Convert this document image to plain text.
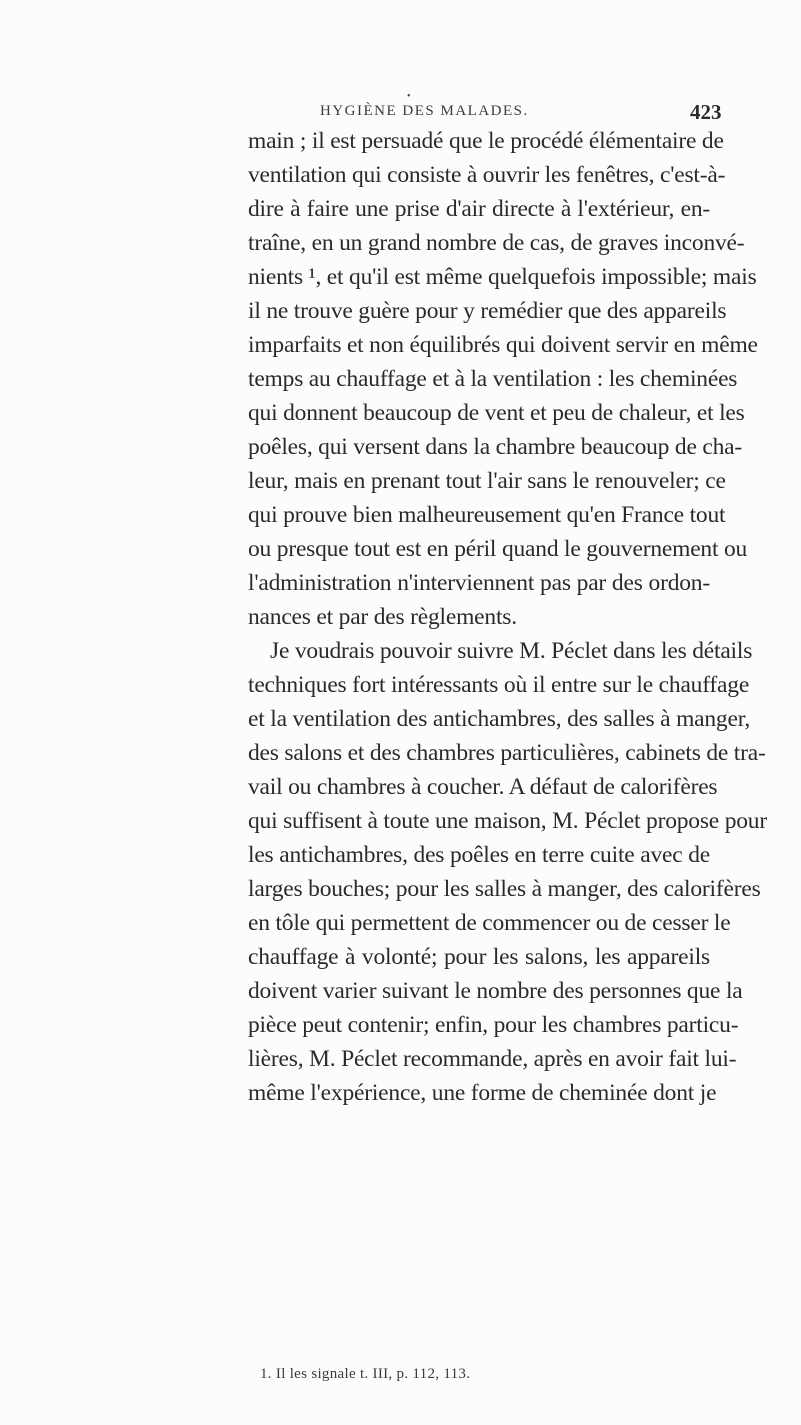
•
HYGIÈNE DES MALADES.	423
main ; il est persuadé que le procédé élémentaire de
ventilation qui consiste à ouvrir les fenêtres, c'est-à-
dire à faire une prise d'air directe à l'extérieur, en-
traîne, en un grand nombre de cas, de graves inconvé-
nients ¹, et qu'il est même quelquefois impossible; mais
il ne trouve guère pour y remédier que des appareils
imparfaits et non équilibrés qui doivent servir en même
temps au chauffage et à la ventilation : les cheminées
qui donnent beaucoup de vent et peu de chaleur, et les
poêles, qui versent dans la chambre beaucoup de cha-
leur, mais en prenant tout l'air sans le renouveler; ce
qui prouve bien malheureusement qu'en France tout
ou presque tout est en péril quand le gouvernement ou
l'administration n'interviennent pas par des ordon-
nances et par des règlements.
Je voudrais pouvoir suivre M. Péclet dans les détails
techniques fort intéressants où il entre sur le chauffage
et la ventilation des antichambres, des salles à manger,
des salons et des chambres particulières, cabinets de tra-
vail ou chambres à coucher. A défaut de calorifères
qui suffisent à toute une maison, M. Péclet propose pour
les antichambres, des poêles en terre cuite avec de
larges bouches; pour les salles à manger, des calorifères
en tôle qui permettent de commencer ou de cesser le
chauffage à volonté; pour les salons, les appareils
doivent varier suivant le nombre des personnes que la
pièce peut contenir; enfin, pour les chambres particu-
lières, M. Péclet recommande, après en avoir fait lui-
même l'expérience, une forme de cheminée dont je
1. Il les signale t. III, p. 112, 113.
